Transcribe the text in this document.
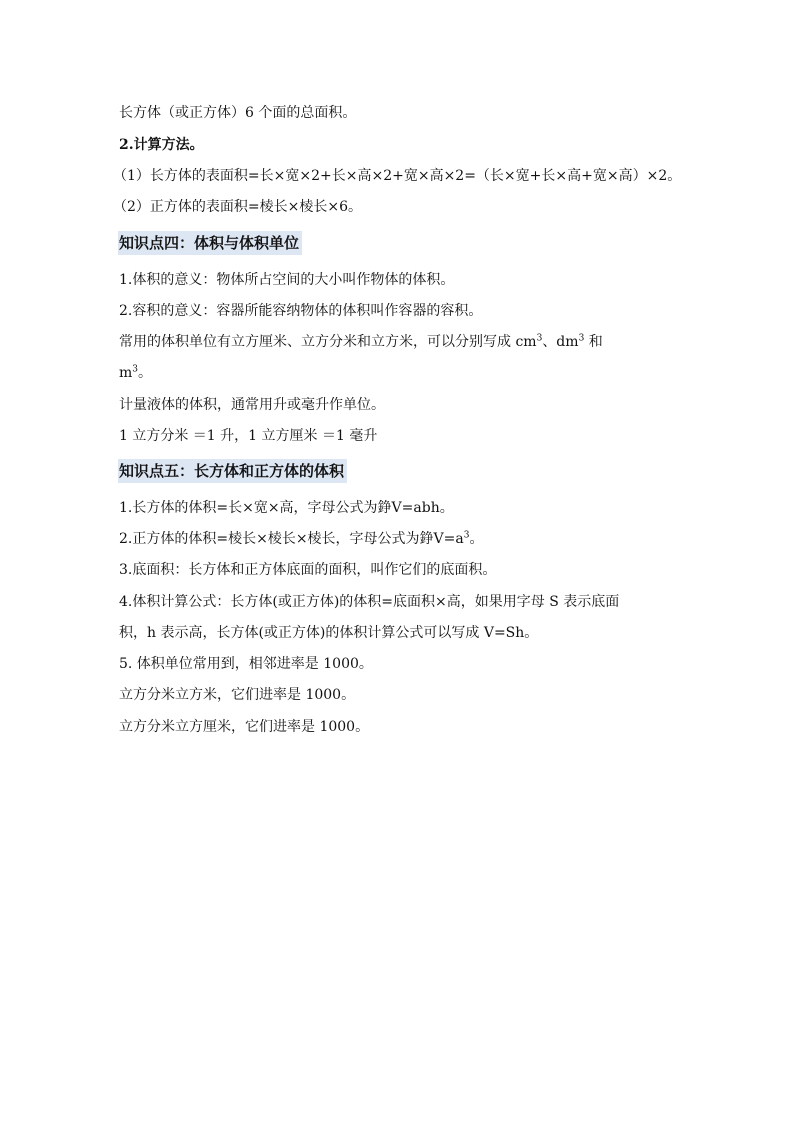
长方体（或正方体）6 个面的总面积。
2.计算方法。
（1）长方体的表面积=长×宽×2+长×高×2+宽×高×2=（长×宽+长×高+宽×高）×2。
（2）正方体的表面积=棱长×棱长×6。
知识点四：体积与体积单位
1.体积的意义：物体所占空间的大小叫作物体的体积。
2.容积的意义：容器所能容纳物体的体积叫作容器的容积。
常用的体积单位有立方厘米、立方分米和立方米，可以分别写成 $cm^3$、$dm^3$ 和
$m^3$。
计量液体的体积，通常用升或毫升作单位。
1 立方分米 ＝1 升，1 立方厘米 ＝1 毫升
知识点五：长方体和正方体的体积
1.长方体的体积=长×宽×高，字母公式为錚V=abh。
2.正方体的体积=棱长×棱长×棱长，字母公式为錚$V=a^3$。
3.底面积：长方体和正方体底面的面积，叫作它们的底面积。
4.体积计算公式：长方体(或正方体)的体积=底面积×高，如果用字母 S 表示底面
积，h 表示高，长方体(或正方体)的体积计算公式可以写成 V=Sh。
5. 体积单位常用到，相邻进率是 1000。
立方分米立方米，它们进率是 1000。
立方分米立方厘米，它们进率是 1000。
